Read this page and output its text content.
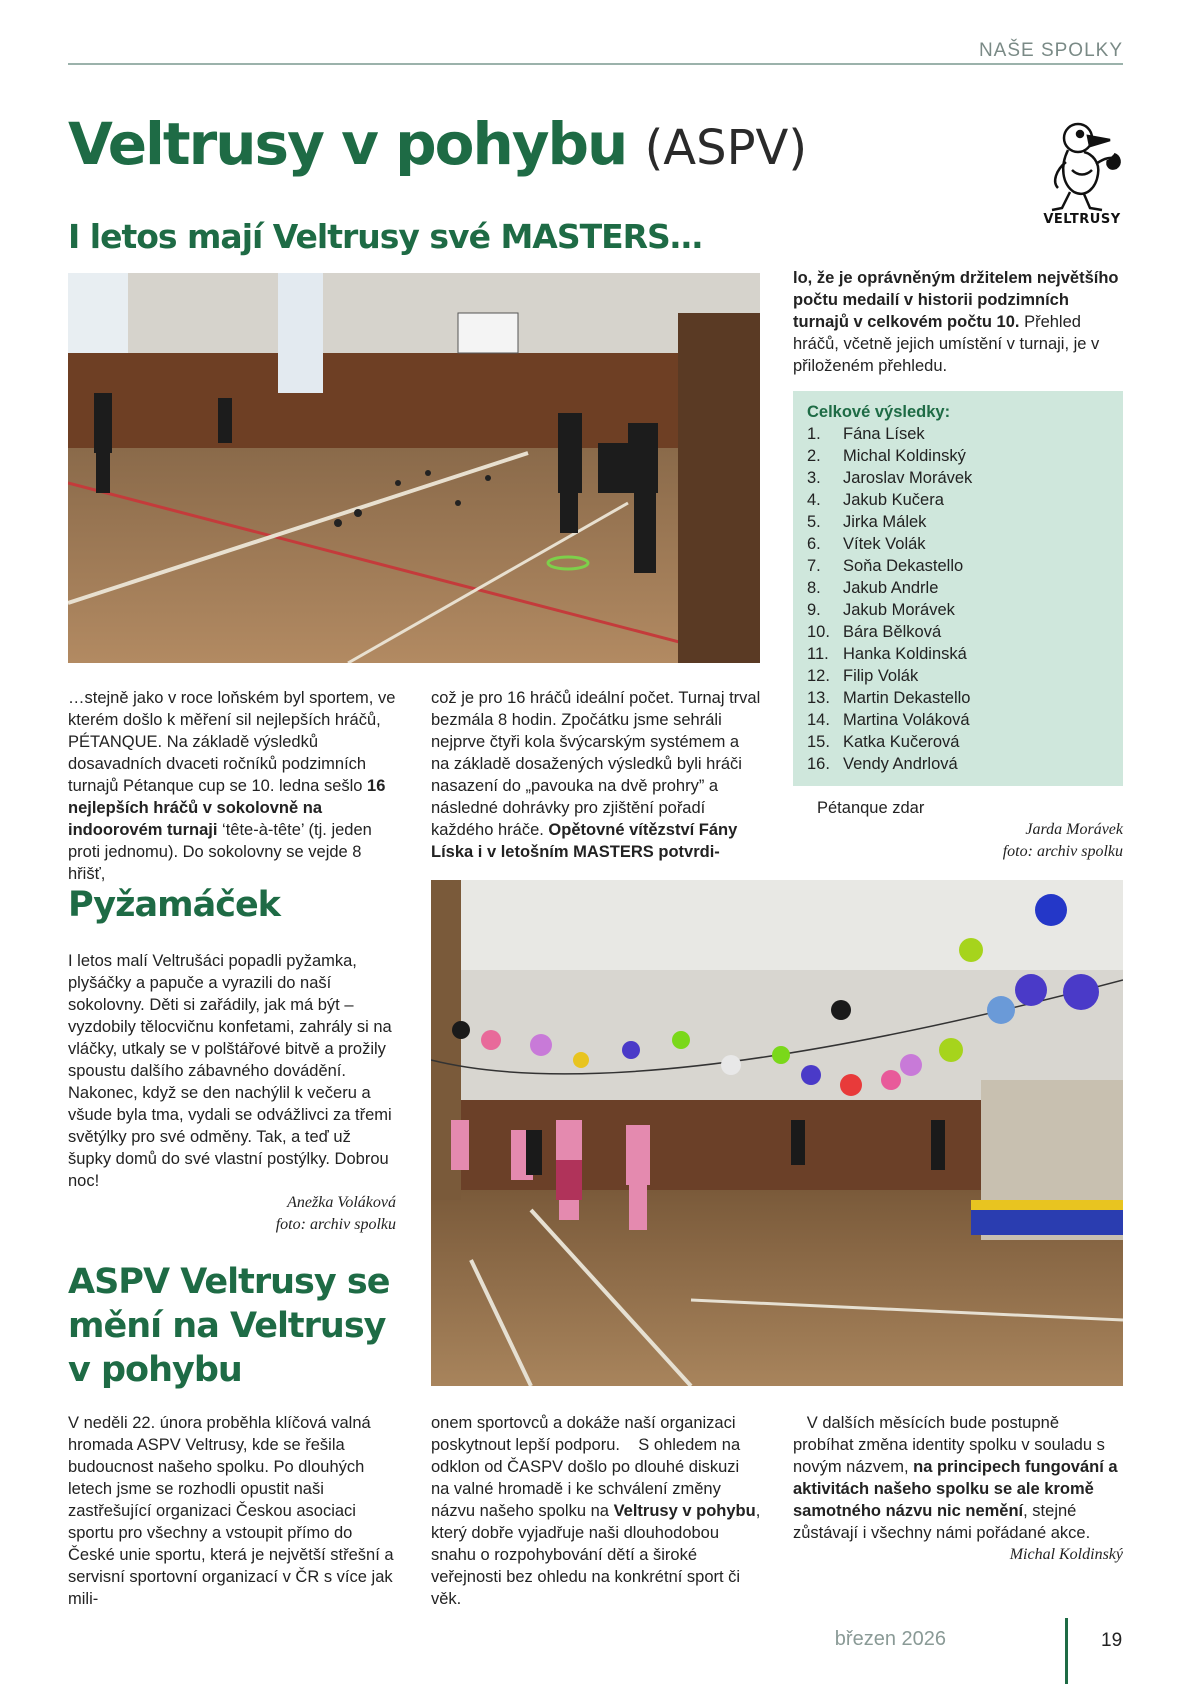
NAŠE SPOLKY
Veltrusy v pohybu (ASPV)
VELTRUSY
I letos mají Veltrusy své MASTERS…
…stejně jako v roce loňském byl sportem, ve kterém došlo k měření sil nejlepších hráčů, PÉTANQUE. Na základě výsledků dosavadních dvaceti ročníků podzimních turnajů Pétanque cup se 10. ledna sešlo 16 nejlepších hráčů v sokolovně na indoorovém turnaji ‘tête-à-tête’ (tj. jeden proti jednomu). Do sokolovny se vejde 8 hřišť,
což je pro 16 hráčů ideální počet. Turnaj trval bezmála 8 hodin. Zpočátku jsme sehráli nejprve čtyři kola švýcarským systémem a na základě dosažených výsledků byli hráči nasazení do „pavouka na dvě prohry” a následné dohrávky pro zjištění pořadí každého hráče. Opětovné vítězství Fány Líska i v letošním MASTERS potvrdi-
lo, že je oprávněným držitelem největšího počtu medailí v historii podzimních turnajů v celkovém počtu 10. Přehled hráčů, včetně jejich umístění v turnaji, je v přiloženém přehledu.
Celkové výsledky:
1.	Fána Lísek
2.	Michal Koldinský
3.	Jaroslav Morávek
4.	Jakub Kučera
5.	Jirka Málek
6.	Vítek Volák
7.	Soňa Dekastello
8.	Jakub Andrle
9.	Jakub Morávek
10. Bára Bělková
11. Hanka Koldinská
12. Filip Volák
13. Martin Dekastello
14. Martina Voláková
15. Katka Kučerová
16. Vendy Andrlová
Pétanque zdar
Jarda Morávek
foto: archiv spolku
Pyžamáček
I letos malí Veltrušáci popadli pyžamka, plyšáčky a papuče a vyrazili do naší sokolovny. Děti si zařádily, jak má být – vyzdobily tělocvičnu konfetami, zahrály si na vláčky, utkaly se v polštářové bitvě a prožily spoustu dalšího zábavného dovádění. Nakonec, když se den nachýlil k večeru a všude byla tma, vydali se odvážlivci za třemi světýlky pro své odměny. Tak, a teď už šupky domů do své vlastní postýlky. Dobrou noc!
Anežka Voláková
foto: archiv spolku
ASPV Veltrusy se
mění na Veltrusy
v pohybu
V neděli 22. února proběhla klíčová valná hromada ASPV Veltrusy, kde se řešila budoucnost našeho spolku. Po dlouhých letech jsme se rozhodli opustit naši zastřešující organizaci Českou asociaci sportu pro všechny a vstoupit přímo do České unie sportu, která je největší střešní a servisní sportovní organizací v ČR s více jak mili-
onem sportovců a dokáže naší organizaci poskytnout lepší podporu.    S ohledem na odklon od ČASPV došlo po dlouhé diskuzi na valné hromadě i ke schválení změny názvu našeho spolku na Veltrusy v pohybu, který dobře vyjadřuje naši dlouhodobou snahu o rozpohybování dětí a široké veřejnosti bez ohledu na konkrétní sport či věk.
V dalších měsících bude postupně probíhat změna identity spolku v souladu s novým názvem, na principech fungování a aktivitách našeho spolku se ale kromě samotného názvu nic nemění, stejné zůstávají i všechny námi pořádané akce.
Michal Koldinský
březen 2026	19
